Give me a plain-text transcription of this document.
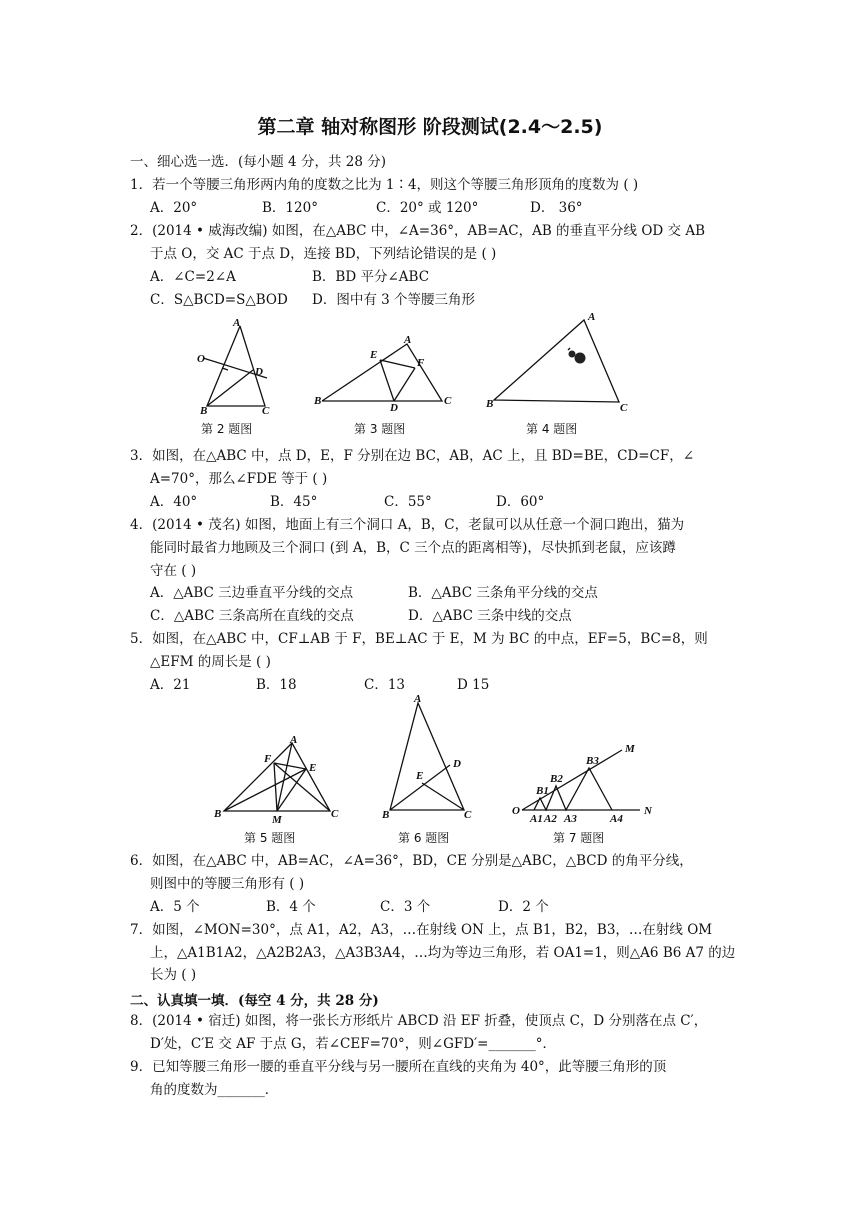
第二章 轴对称图形 阶段测试(2.4～2.5)
一、细心选一选．(每小题 4 分，共 28 分)
1．若一个等腰三角形两内角的度数之比为 1∶4，则这个等腰三角形顶角的度数为 ( )
A．20°	B．120°	C．20° 或 120°	D． 36°
2．(2014 • 威海改编) 如图，在△ABC 中，∠A=36°，AB=AC，AB 的垂直平分线 OD 交 AB
于点 O，交 AC 于点 D，连接 BD，下列结论错误的是 ( )
A．∠C=2∠A	B．BD 平分∠ABC
C．S△BCD=S△BOD D．图中有 3 个等腰三角形
A
O
D
B	C
第 2 题图
A
E
F
B
D
C
第 3 题图
A
B	C
第 4 题图
3．如图，在△ABC 中，点 D，E，F 分别在边 BC，AB，AC 上，且 BD=BE，CD=CF，∠
A=70°，那么∠FDE 等于 ( )
A．40°	B．45°	C．55°	D．60°
4．(2014 • 茂名) 如图，地面上有三个洞口 A，B，C，老鼠可以从任意一个洞口跑出，猫为
能同时最省力地顾及三个洞口 (到 A，B，C 三个点的距离相等)，尽快抓到老鼠，应该蹲
守在 ( )
A．△ABC 三边垂直平分线的交点	B．△ABC 三条角平分线的交点
C．△ABC 三条高所在直线的交点	D．△ABC 三条中线的交点
5．如图，在△ABC 中，CF⊥AB 于 F，BE⊥AC 于 E，M 为 BC 的中点，EF=5，BC=8，则
△EFM 的周长是 ( )
A．21	B．18	C．13	D 15
A
F
E
B	M	C
第 5 题图
A
E
D
B	C
第 6 题图
M
N
O
B1
B2
B3
A1 A2 A3	A4
第 7 题图
6．如图，在△ABC 中，AB=AC，∠A=36°，BD，CE 分别是△ABC，△BCD 的角平分线，
则图中的等腰三角形有 ( )
A．5 个	B．4 个	C．3 个	D．2 个
7．如图，∠MON=30°，点 A1，A2，A3，…在射线 ON 上，点 B1，B2，B3，…在射线 OM
上，△A1B1A2，△A2B2A3，△A3B3A4，…均为等边三角形，若 OA1=1，则△A6 B6 A7 的边
长为 ( )
二、认真填一填．(每空 4 分，共 28 分)
8．(2014 • 宿迁) 如图，将一张长方形纸片 ABCD 沿 EF 折叠，使顶点 C，D 分别落在点 C′，
D′处，C′E 交 AF 于点 G，若∠CEF=70°，则∠GFD′=_______°．
9．已知等腰三角形一腰的垂直平分线与另一腰所在直线的夹角为 40°，此等腰三角形的顶
角的度数为_______．
